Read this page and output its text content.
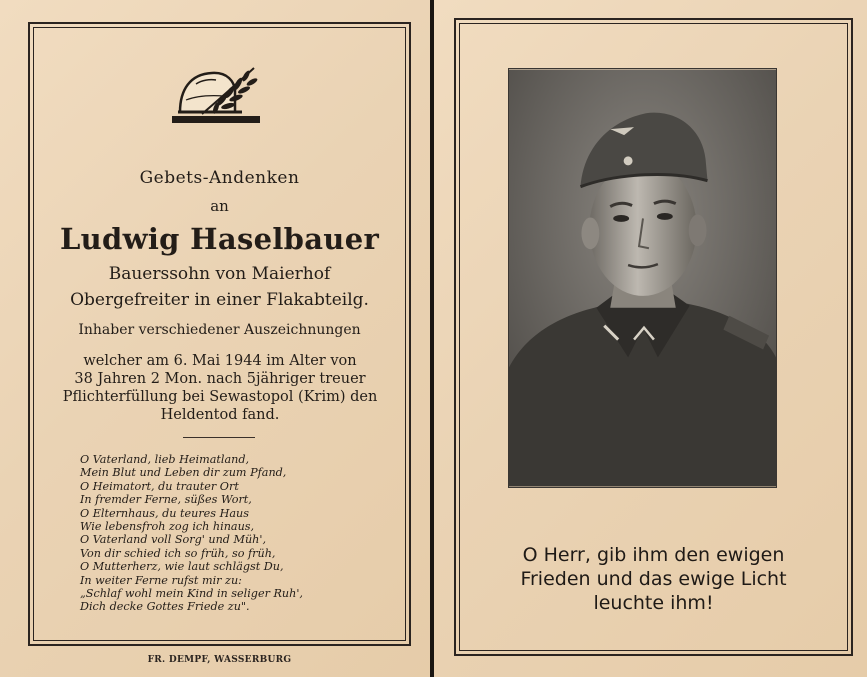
Gebets-Andenken
an
Ludwig Haselbauer
Bauerssohn von Maierhof
Obergefreiter in einer Flakabteilg.
Inhaber verschiedener Auszeichnungen
welcher am 6. Mai 1944 im Alter von
38 Jahren 2 Mon. nach 5jähriger treuer
Pflichterfüllung bei Sewastopol (Krim) den
Heldentod fand.
O Vaterland, lieb Heimatland,
Mein Blut und Leben dir zum Pfand,
O Heimatort, du trauter Ort
In fremder Ferne, süßes Wort,
O Elternhaus, du teures Haus
Wie lebensfroh zog ich hinaus,
O Vaterland voll Sorg' und Müh',
Von dir schied ich so früh, so früh,
O Mutterherz, wie laut schlägst Du,
In weiter Ferne rufst mir zu:
„Schlaf wohl mein Kind in seliger Ruh',
Dich decke Gottes Friede zu".
FR. DEMPF, WASSERBURG
O Herr, gib ihm den ewigen
Frieden und das ewige Licht
leuchte ihm!
